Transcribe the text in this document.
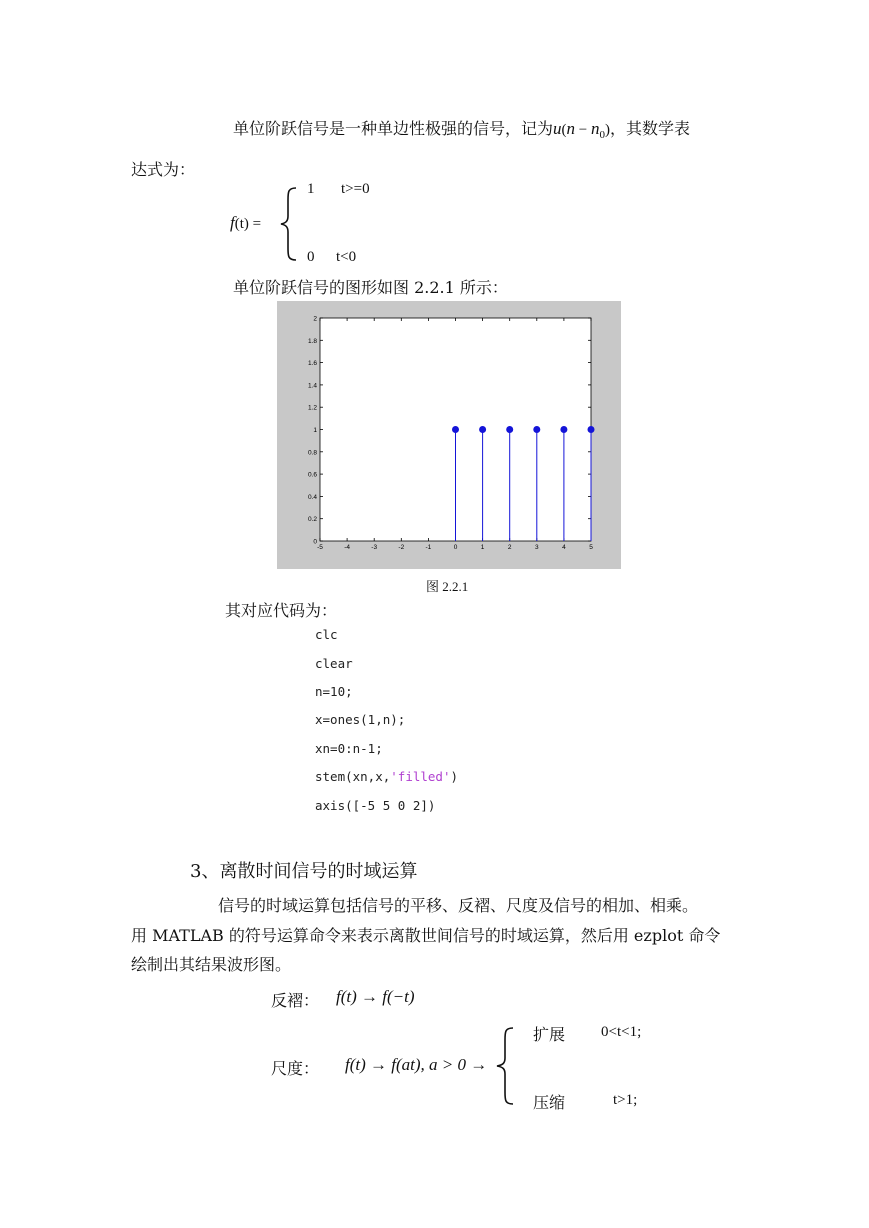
单位阶跃信号是一种单边性极强的信号，记为$u(n - n_0)$，其数学表
达式为：
f(t) =
1 t>=0
0 t<0
单位阶跃信号的图形如图 2.2.1 所示：
0
0.2
0.4
0.6
0.8
1
1.2
1.4
1.6
1.8
2
-5	-4	-3	-2	-1	0	1	2	3	4	5
图 2.2.1
其对应代码为：
clc
clear
n=10;
x=ones(1,n);
xn=0:n-1;
stem(xn,x,'filled')
axis([-5 5 0 2])
3、离散时间信号的时域运算
信号的时域运算包括信号的平移、反褶、尺度及信号的相加、相乘。
用 MATLAB 的符号运算命令来表示离散世间信号的时域运算，然后用 ezplot 命令
绘制出其结果波形图。
反褶： f(t) → f(−t)
尺度： f(t) → f(at), a > 0 →
扩展 0<t<1;
压缩	t>1;
